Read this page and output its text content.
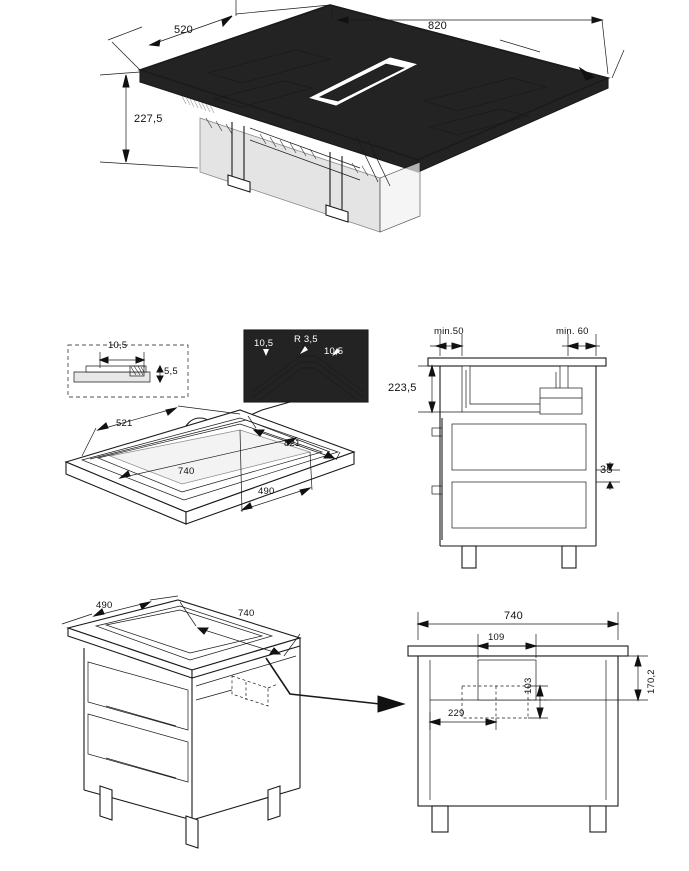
520	820
227,5
10,5
5,5
10,5 R 3,5
10,5
521
821
740
490
min.50	min. 60
223,5
35
490
740	740
109
229
103	170,2
